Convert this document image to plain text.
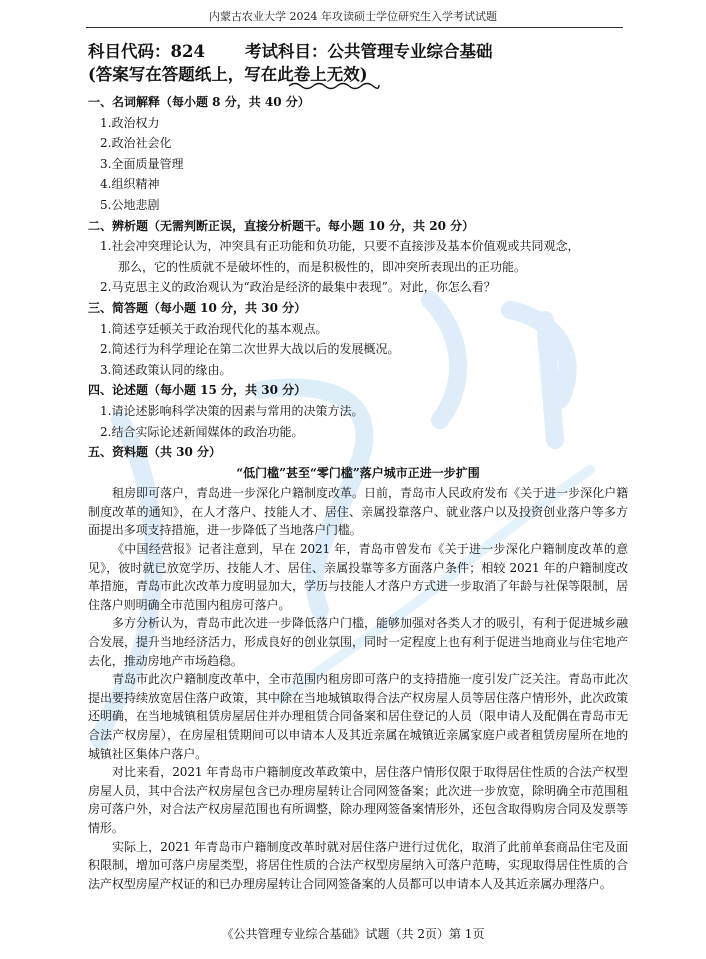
内蒙古农业大学 2024 年攻读硕士学位研究生入学考试试题
科目代码：824 考试科目：公共管理专业综合基础
(答案写在答题纸上，写在此卷上无效)

一、名词解释（每小题 8 分，共 40 分）

1.政治权力

2.政治社会化

3.全面质量管理

4.组织精神

5.公地悲剧

二、辨析题（无需判断正误，直接分析题干。每小题 10 分，共 20 分）

1.社会冲突理论认为，冲突具有正功能和负功能，只要不直接涉及基本价值观或共同观念，

那么，它的性质就不是破坏性的，而是积极性的，即冲突所表现出的正功能。

2.马克思主义的政治观认为“政治是经济的最集中表现”。对此，你怎么看？

三、简答题（每小题 10 分，共 30 分）

1.简述亨廷顿关于政治现代化的基本观点。

2.简述行为科学理论在第二次世界大战以后的发展概况。

3.简述政策认同的缘由。

四、论述题（每小题 15 分，共 30 分）

1.请论述影响科学决策的因素与常用的决策方法。

2.结合实际论述新闻媒体的政治功能。

五、资料题（共 30 分）

“低门槛”甚至“零门槛”落户城市正进一步扩围

租房即可落户，青岛进一步深化户籍制度改革。日前，青岛市人民政府发布《关于进一步深化户籍制度改革的通知》，在人才落户、技能人才、居住、亲属投靠落户、就业落户以及投资创业落户等多方面提出多项支持措施，进一步降低了当地落户门槛。

《中国经营报》记者注意到，早在 2021 年，青岛市曾发布《关于进一步深化户籍制度改革的意见》，彼时就已放宽学历、技能人才、居住、亲属投靠等多方面落户条件；相较 2021 年的户籍制度改革措施，青岛市此次改革力度明显加大，学历与技能人才落户方式进一步取消了年龄与社保等限制，居住落户则明确全市范围内租房可落户。

多方分析认为，青岛市此次进一步降低落户门槛，能够加强对各类人才的吸引，有利于促进城乡融合发展，提升当地经济活力，形成良好的创业氛围，同时一定程度上也有利于促进当地商业与住宅地产去化，推动房地产市场趋稳。

青岛市此次户籍制度改革中，全市范围内租房即可落户的支持措施一度引发广泛关注。青岛市此次提出要持续放宽居住落户政策，其中除在当地城镇取得合法产权房屋人员等居住落户情形外，此次政策还明确，在当地城镇租赁房屋居住并办理租赁合同备案和居住登记的人员（限申请人及配偶在青岛市无合法产权房屋），在房屋租赁期间可以申请本人及其近亲属在城镇近亲属家庭户或者租赁房屋所在地的城镇社区集体户落户。

对比来看，2021 年青岛市户籍制度改革政策中，居住落户情形仅限于取得居住性质的合法产权型房屋人员，其中合法产权房屋包含已办理房屋转让合同网签备案；此次进一步放宽，除明确全市范围租房可落户外，对合法产权房屋范围也有所调整，除办理网签备案情形外，还包含取得购房合同及发票等情形。

实际上，2021 年青岛市户籍制度改革时就对居住落户进行过优化，取消了此前单套商品住宅及面积限制，增加可落户房屋类型，将居住性质的合法产权型房屋纳入可落户范畴，实现取得居住性质的合法产权型房屋产权证的和已办理房屋转让合同网签备案的人员都可以申请本人及其近亲属办理落户。

《公共管理专业综合基础》试题（共 2页）第 1页
